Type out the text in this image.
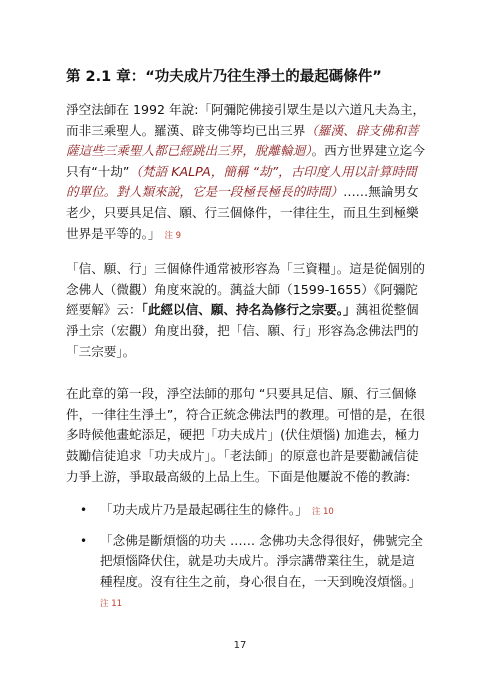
第 2.1 章：“功夫成片乃往生淨土的最起碼條件”

淨空法師在 1992 年說:「阿彌陀佛接引眾生是以六道凡夫為主，而非三乘聖人。羅漢、辟支佛等均已出三界（羅漢、辟支佛和菩薩這些三乘聖人都已經跳出三界，脫離輪迴）。西方世界建立迄今只有“十劫”（梵語 KALPA，簡稱 “劫”，古印度人用以計算時間的單位。對人類來說，它是一段極長極長的時間）……無論男女老少，只要具足信、願、行三個條件，一律往生，而且生到極樂世界是平等的。」 注 9

「信、願、行」三個條件通常被形容為「三資糧」。這是從個別的念佛人（微觀）角度來說的。蕅益大師（1599-1655）《阿彌陀經要解》云：「此經以信、願、持名為修行之宗要。」蕅祖從整個淨土宗（宏觀）角度出發，把「信、願、行」形容為念佛法門的「三宗要」。

在此章的第一段，淨空法師的那句 “只要具足信、願、行三個條件，一律往生淨土”，符合正統念佛法門的教理。可惜的是，在很多時候他畫蛇添足，硬把「功夫成片」(伏住煩惱) 加進去，極力鼓勵信徒追求「功夫成片」。「老法師」的原意也許是要勸誡信徒力爭上游，爭取最高級的上品上生。下面是他屢說不倦的教誨:

• 「功夫成片乃是最起碼往生的條件。」 注 10
• 「念佛是斷煩惱的功夫 …… 念佛功夫念得很好，佛號完全把煩惱降伏住，就是功夫成片。淨宗講帶業往生，就是這種程度。沒有往生之前，身心很自在，一天到晚沒煩惱。」 注 11
17
